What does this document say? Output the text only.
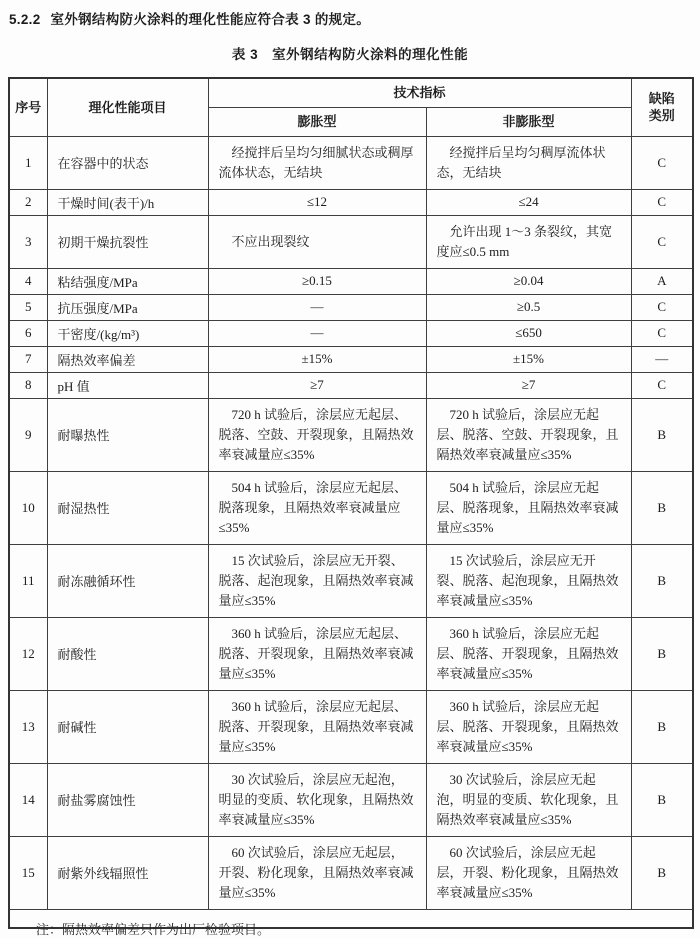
5.2.2 室外钢结构防火涂料的理化性能应符合表 3 的规定。

表 3 室外钢结构防火涂料的理化性能

序号	理化性能项目	技术指标		缺陷
类别

		膨胀型	非膨胀型	
1	在容器中的状态	经搅拌后呈均匀细腻状态或稠厚流体状态，无结块	经搅拌后呈均匀稠厚流体状态，无结块	C
2	干燥时间(表干)/h	≤12	≤24	C
3	初期干燥抗裂性	不应出现裂纹	允许出现 1～3 条裂纹，其宽度应≤0.5 mm	C
4	粘结强度/MPa	≥0.15	≥0.04	A
5	抗压强度/MPa	—	≥0.5	C
6	干密度/(kg/m³)	—	≤650	C
7	隔热效率偏差	±15%	±15%	—
8	pH 值	≥7	≥7	C
9	耐曝热性	720 h 试验后，涂层应无起层、脱落、空鼓、开裂现象，且隔热效率衰减量应≤35%	720 h 试验后，涂层应无起层、脱落、空鼓、开裂现象，且隔热效率衰减量应≤35%	B
10	耐湿热性	504 h 试验后，涂层应无起层、脱落现象，且隔热效率衰减量应≤35%	504 h 试验后，涂层应无起层、脱落现象，且隔热效率衰减量应≤35%	B
11	耐冻融循环性	15 次试验后，涂层应无开裂、脱落、起泡现象，且隔热效率衰减量应≤35%	15 次试验后，涂层应无开裂、脱落、起泡现象，且隔热效率衰减量应≤35%	B
12	耐酸性	360 h 试验后，涂层应无起层、脱落、开裂现象，且隔热效率衰减量应≤35%	360 h 试验后，涂层应无起层、脱落、开裂现象，且隔热效率衰减量应≤35%	B
13	耐碱性	360 h 试验后，涂层应无起层、脱落、开裂现象，且隔热效率衰减量应≤35%	360 h 试验后，涂层应无起层、脱落、开裂现象，且隔热效率衰减量应≤35%	B
14	耐盐雾腐蚀性	30 次试验后，涂层应无起泡，明显的变质、软化现象，且隔热效率衰减量应≤35%	30 次试验后，涂层应无起泡，明显的变质、软化现象，且隔热效率衰减量应≤35%	B
15	耐紫外线辐照性	60 次试验后，涂层应无起层，开裂、粉化现象，且隔热效率衰减量应≤35%	60 次试验后，涂层应无起层，开裂、粉化现象，且隔热效率衰减量应≤35%	B

注：隔热效率偏差只作为出厂检验项目。				
